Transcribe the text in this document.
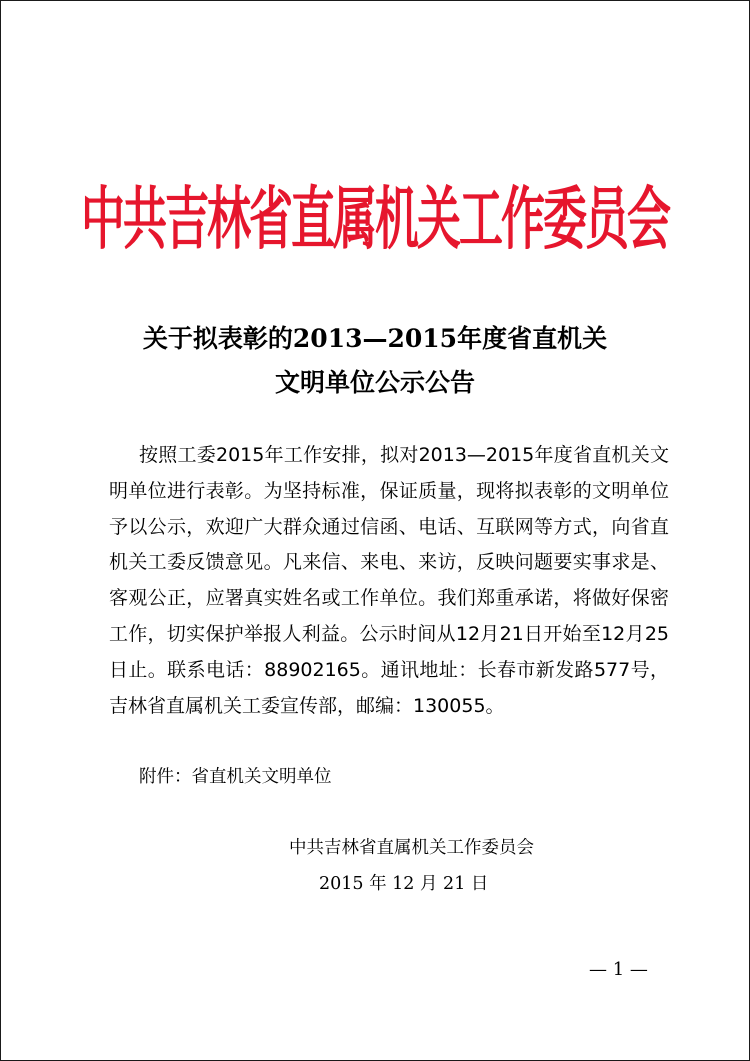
中共吉林省直属机关工作委员会
关于拟表彰的2013—2015年度省直机关
文明单位公示公告

按照工委2015年工作安排，拟对2013—2015年度省直机关文明单位进行表彰。为坚持标准，保证质量，现将拟表彰的文明单位予以公示，欢迎广大群众通过信函、电话、互联网等方式，向省直机关工委反馈意见。凡来信、来电、来访，反映问题要实事求是、客观公正，应署真实姓名或工作单位。我们郑重承诺，将做好保密工作，切实保护举报人利益。公示时间从12月21日开始至12月25日止。联系电话：88902165。通讯地址：长春市新发路577号，吉林省直属机关工委宣传部，邮编：130055。

附件：省直机关文明单位
中共吉林省直属机关工作委员会
2015 年 12 月 21 日
— 1 —
